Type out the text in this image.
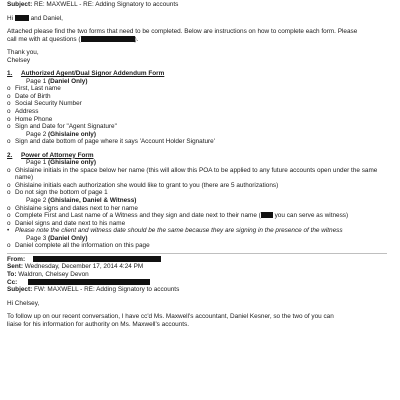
Subject: RE: MAXWELL - RE: Adding Signatory to accounts
Hi	and Daniel,
Attached please find the two forms that need to be completed. Below are instructions on how to complete each form. Please
call me with at questions (	).
Thank you,
Chelsey
1. Authorized Agent/Dual Signor Addendum Form
Page 1 (Daniel Only)
o First, Last name
o Date of Birth
o Social Security Number
o Address
o Home Phone
o Sign and Date for "Agent Signature"
Page 2 (Ghislaine only)
o Sign and date bottom of page where it says 'Account Holder Signature'
2. Power of Attorney Form
Page 1 (Ghislaine only)
o Ghislaine initials in the space below her name (this will allow this POA to be applied to any future accounts open under the same name)
o Ghislaine initials each authorization she would like to grant to you (there are 5 authorizations)
o Do not sign the bottom of page 1
Page 2 (Ghislaine, Daniel & Witness)
o Ghislaine signs and dates next to her name
o Complete First and Last name of a Witness and they sign and date next to their name ( you can serve as witness)
o Daniel signs and date next to his name
• Please note the client and witness date should be the same because they are signing in the presence of the witness
Page 3 (Daniel Only)
o Daniel complete all the information on this page
From:
Sent: Wednesday, December 17, 2014 4:24 PM
To: Waldron, Chelsey Devon
Cc:
Subject: FW: MAXWELL - RE: Adding Signatory to accounts
Hi Chelsey,
To follow up on our recent conversation, I have cc'd Ms. Maxwell's accountant, Daniel Kesner, so the two of you can
liaise for his information for authority on Ms. Maxwell's accounts.
